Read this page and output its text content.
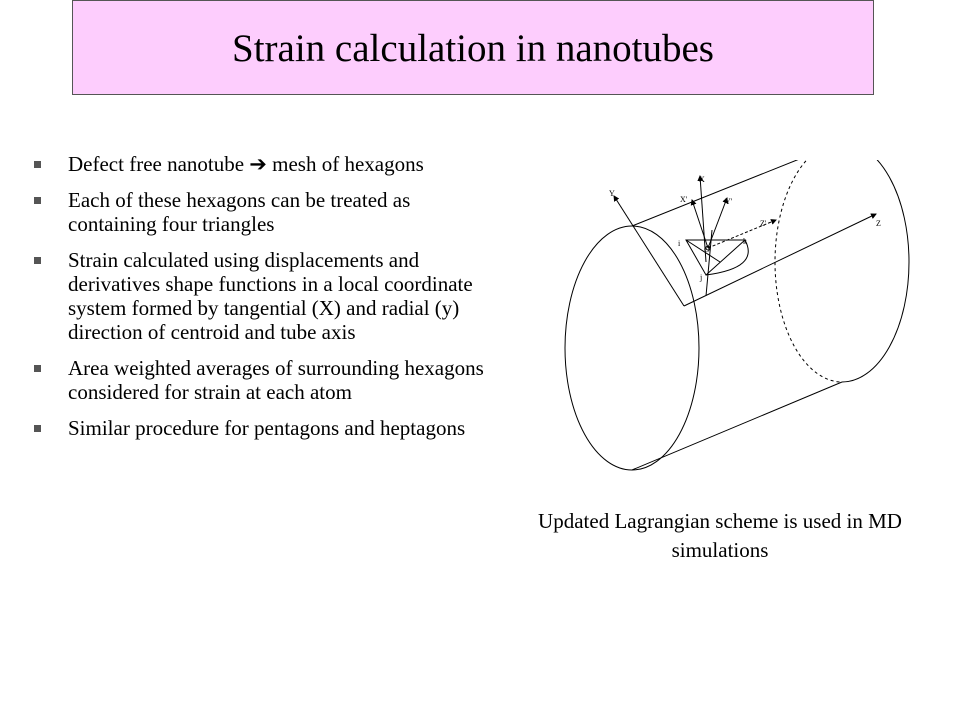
Strain calculation in nanotubes
Defect free nanotube ➔ mesh of hexagons
Each of these hexagons can be treated as containing four triangles
Strain calculated using displacements and derivatives shape functions in a local coordinate system formed by tangential (X) and radial (y) direction of centroid and tube axis
Area weighted averages of surrounding hexagons considered for strain at each atom
Similar procedure for pentagons and heptagons
Y
X
X'	Y'
Z'	Z
i	k
j
O
Updated Lagrangian scheme is used in MD simulations
